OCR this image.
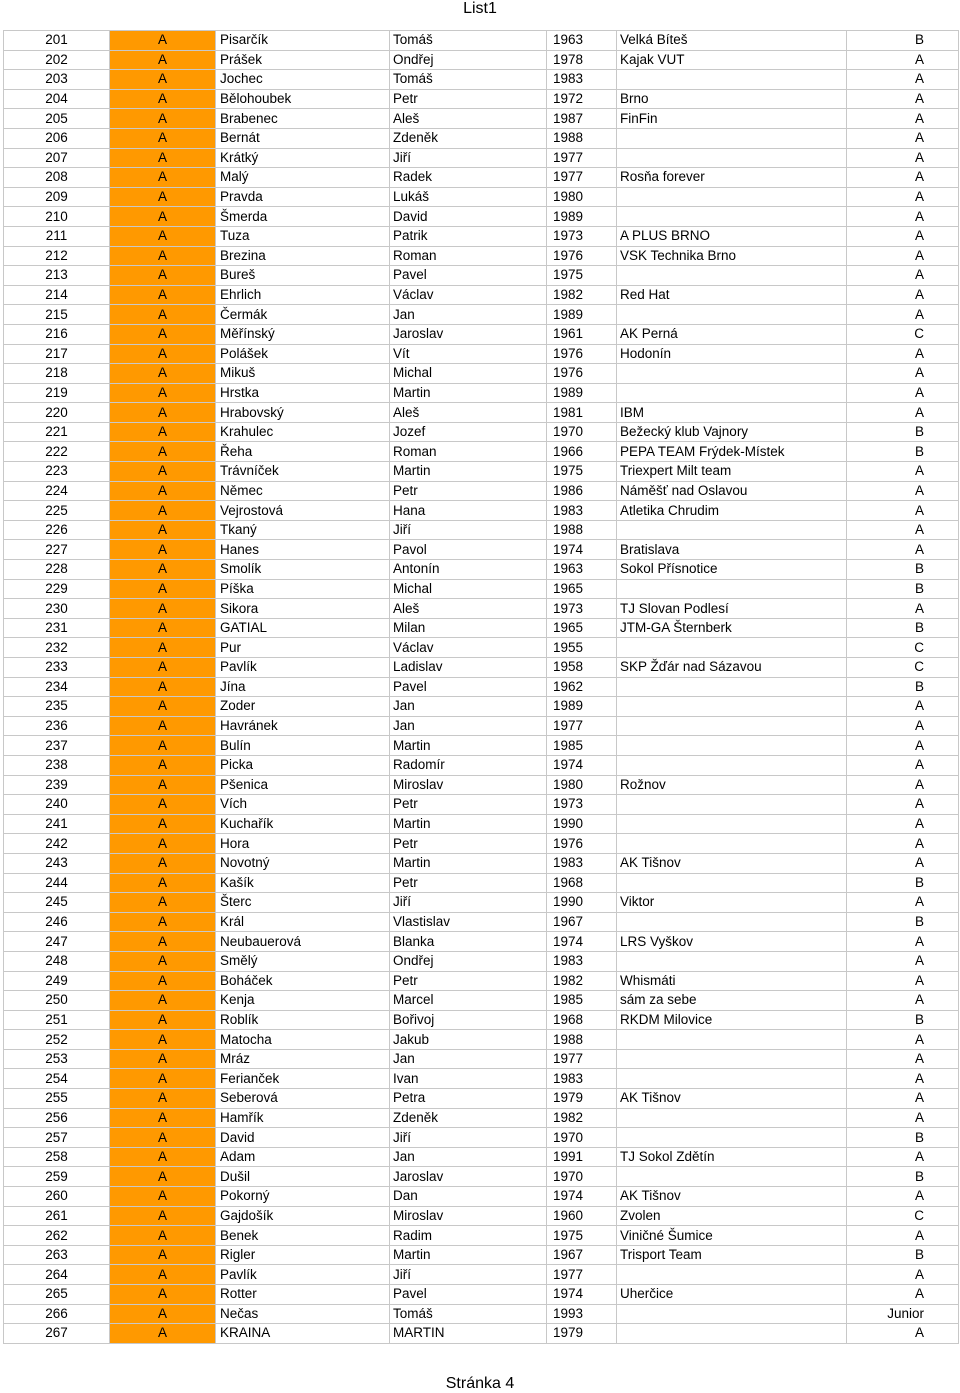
List1
201	A	Pisarčík	Tomáš	1963	Velká Bíteš	B
202	A	Prášek	Ondřej	1978	Kajak VUT	A
203	A	Jochec	Tomáš	1983		A
204	A	Bělohoubek	Petr	1972	Brno	A
205	A	Brabenec	Aleš	1987	FinFin	A
206	A	Bernát	Zdeněk	1988		A
207	A	Krátký	Jiří	1977		A
208	A	Malý	Radek	1977	Rosňa forever	A
209	A	Pravda	Lukáš	1980		A
210	A	Šmerda	David	1989		A
211	A	Tuza	Patrik	1973	A PLUS BRNO	A
212	A	Brezina	Roman	1976	VSK Technika Brno	A
213	A	Bureš	Pavel	1975		A
214	A	Ehrlich	Václav	1982	Red Hat	A
215	A	Čermák	Jan	1989		A
216	A	Měřínský	Jaroslav	1961	AK Perná	C
217	A	Polášek	Vít	1976	Hodonín	A
218	A	Mikuš	Michal	1976		A
219	A	Hrstka	Martin	1989		A
220	A	Hrabovský	Aleš	1981	IBM	A
221	A	Krahulec	Jozef	1970	Bežecký klub Vajnory	B
222	A	Řeha	Roman	1966	PEPA TEAM Frýdek-Místek	B
223	A	Trávníček	Martin	1975	Triexpert Milt team	A
224	A	Němec	Petr	1986	Náměšť nad Oslavou	A
225	A	Vejrostová	Hana	1983	Atletika Chrudim	A
226	A	Tkaný	Jiří	1988		A
227	A	Hanes	Pavol	1974	Bratislava	A
228	A	Smolík	Antonín	1963	Sokol Přísnotice	B
229	A	Píška	Michal	1965		B
230	A	Sikora	Aleš	1973	TJ Slovan Podlesí	A
231	A	GATIAL	Milan	1965	JTM-GA Šternberk	B
232	A	Pur	Václav	1955		C
233	A	Pavlík	Ladislav	1958	SKP Žďár nad Sázavou	C
234	A	Jína	Pavel	1962		B
235	A	Zoder	Jan	1989		A
236	A	Havránek	Jan	1977		A
237	A	Bulín	Martin	1985		A
238	A	Picka	Radomír	1974		A
239	A	Pšenica	Miroslav	1980	Rožnov	A
240	A	Vích	Petr	1973		A
241	A	Kuchařík	Martin	1990		A
242	A	Hora	Petr	1976		A
243	A	Novotný	Martin	1983	AK Tišnov	A
244	A	Kašík	Petr	1968		B
245	A	Šterc	Jiří	1990	Viktor	A
246	A	Král	Vlastislav	1967		B
247	A	Neubauerová	Blanka	1974	LRS Vyškov	A
248	A	Smělý	Ondřej	1983		A
249	A	Boháček	Petr	1982	Whismáti	A
250	A	Kenja	Marcel	1985	sám za sebe	A
251	A	Roblík	Bořivoj	1968	RKDM Milovice	B
252	A	Matocha	Jakub	1988		A
253	A	Mráz	Jan	1977		A
254	A	Ferianček	Ivan	1983		A
255	A	Seberová	Petra	1979	AK Tišnov	A
256	A	Hamřík	Zdeněk	1982		A
257	A	David	Jiří	1970		B
258	A	Adam	Jan	1991	TJ Sokol Zdětín	A
259	A	Dušil	Jaroslav	1970		B
260	A	Pokorný	Dan	1974	AK Tišnov	A
261	A	Gajdošík	Miroslav	1960	Zvolen	C
262	A	Benek	Radim	1975	Viničné Šumice	A
263	A	Rigler	Martin	1967	Trisport Team	B
264	A	Pavlík	Jiří	1977		A
265	A	Rotter	Pavel	1974	Uherčice	A
266	A	Nečas	Tomáš	1993		Junior
267	A	KRAINA	MARTIN	1979		A
Stránka 4
